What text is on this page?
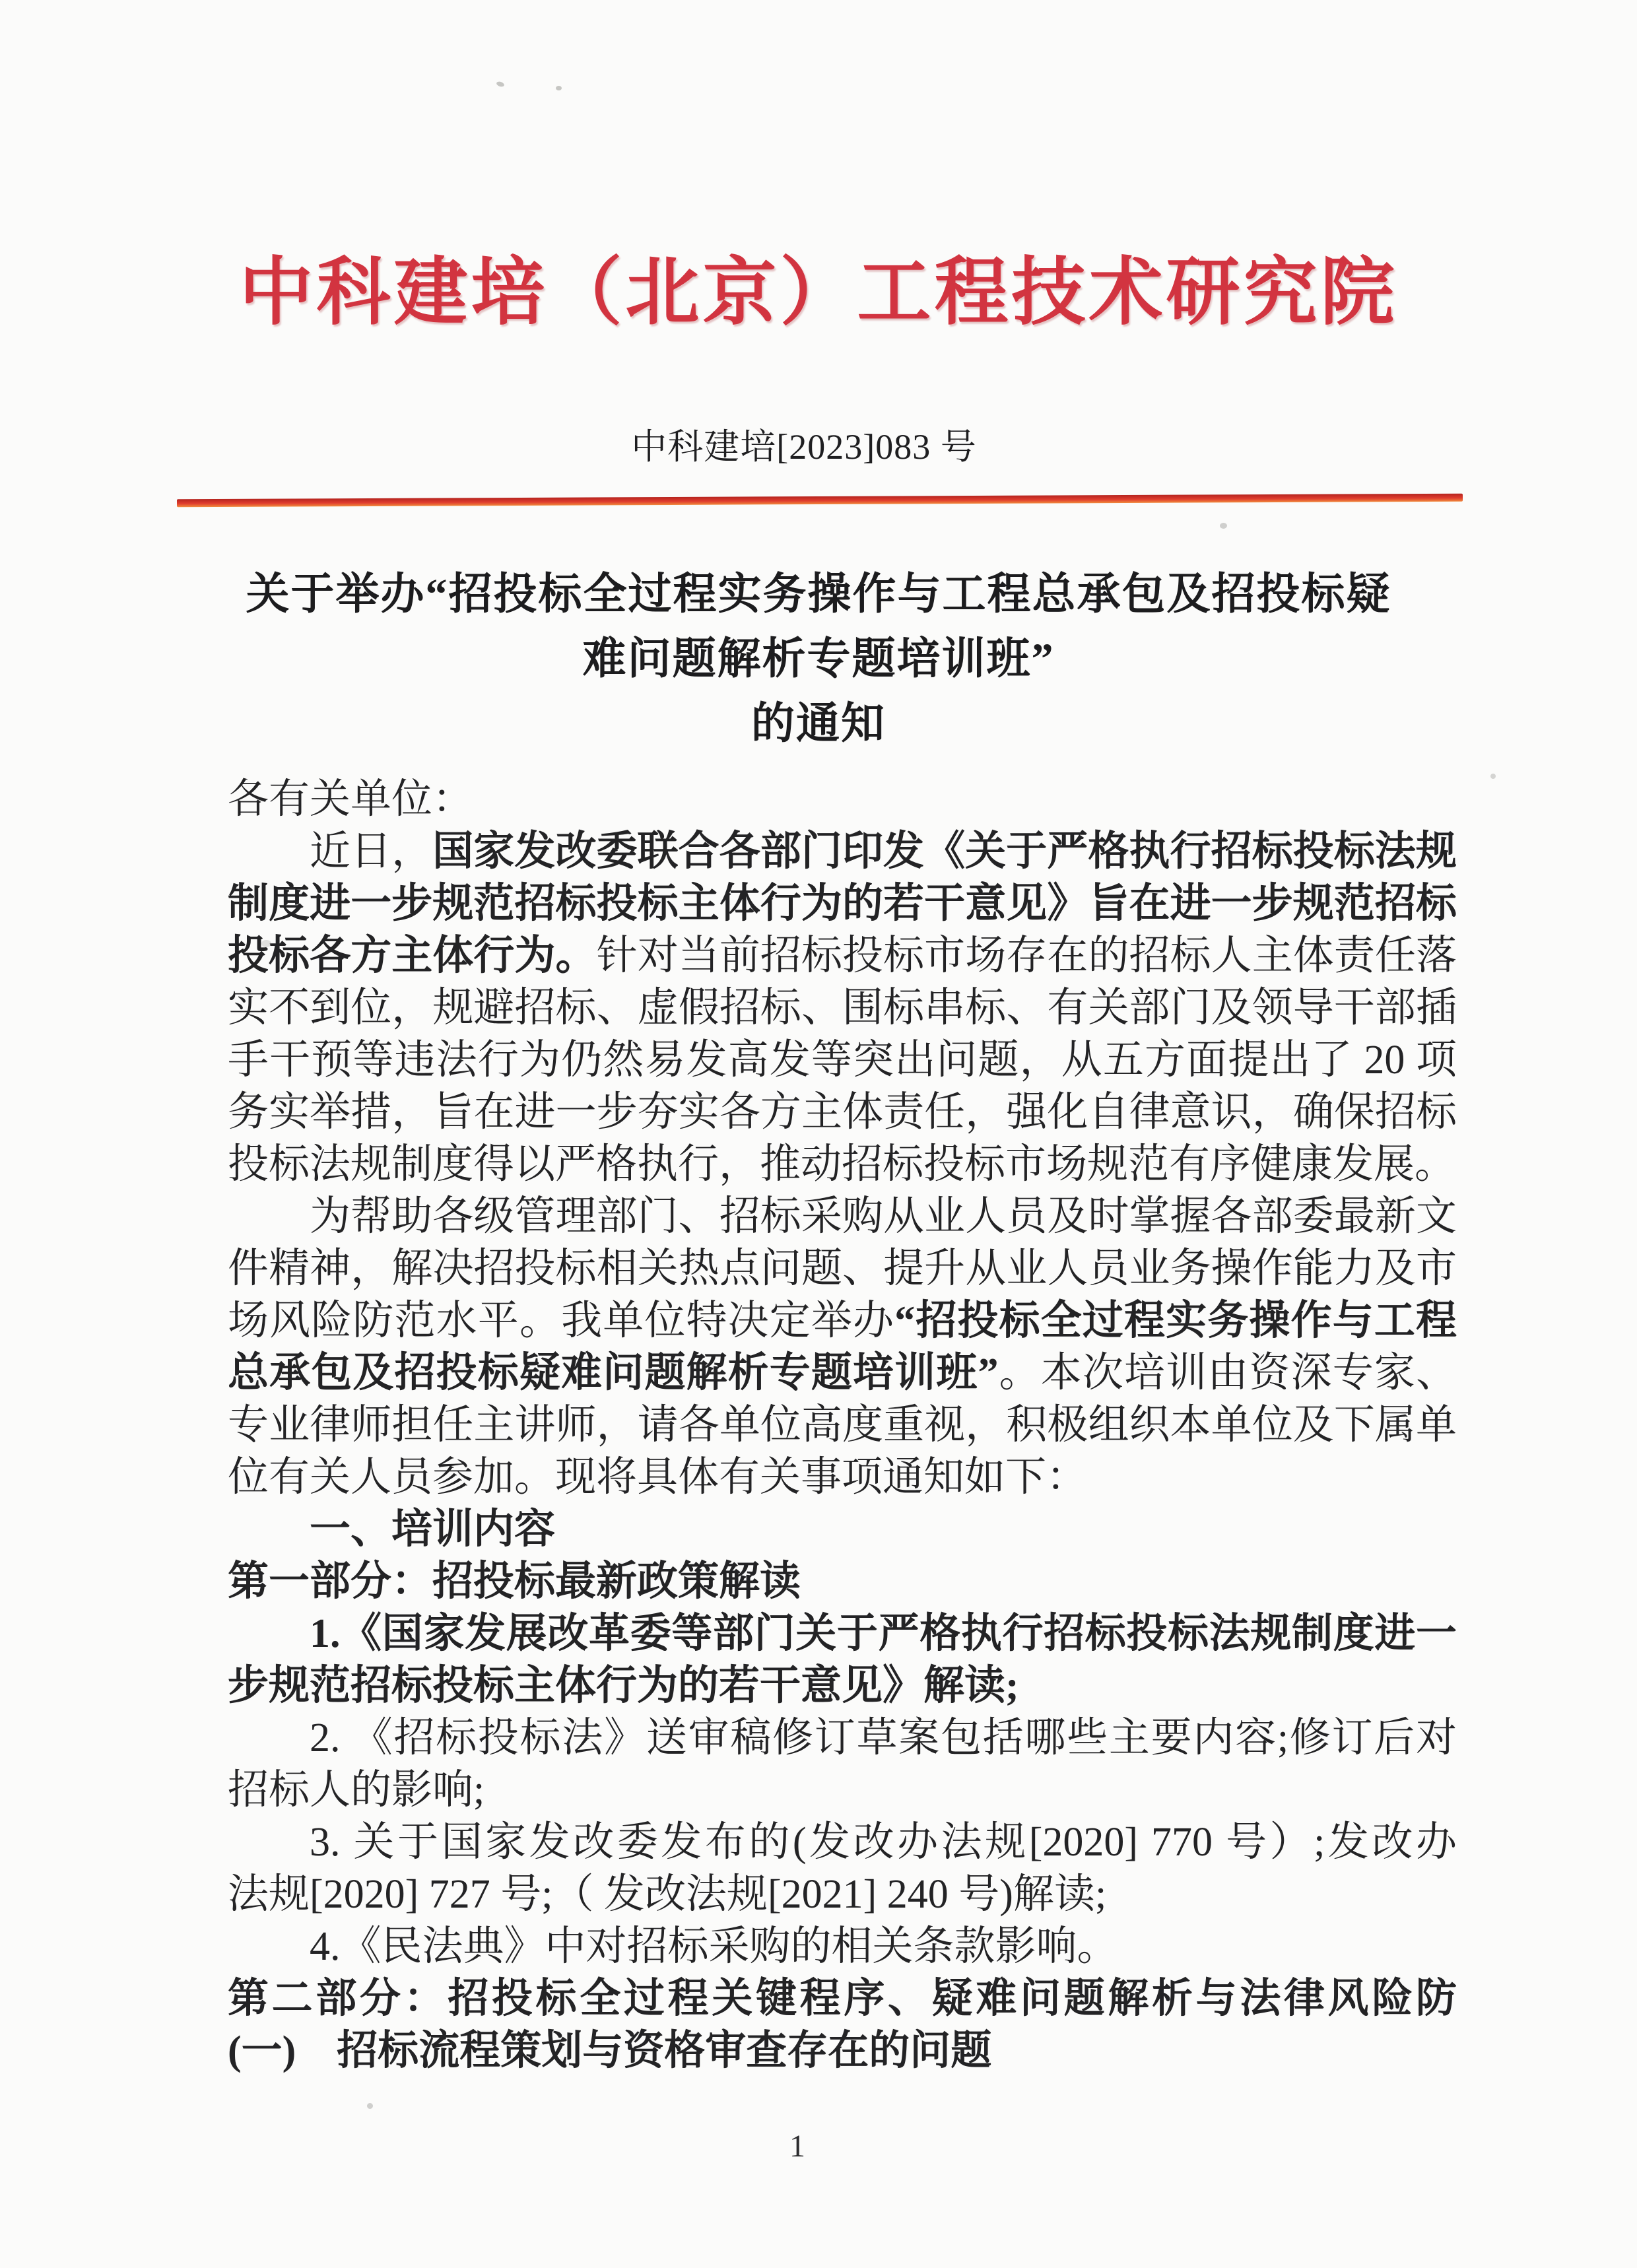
中科建培（北京）工程技术研究院
中科建培[2023]083 号
关于举办“招投标全过程实务操作与工程总承包及招投标疑
难问题解析专题培训班”
的通知
各有关单位：
近日，国家发改委联合各部门印发《关于严格执行招标投标法规
制度进一步规范招标投标主体行为的若干意见》旨在进一步规范招标
投标各方主体行为。针对当前招标投标市场存在的招标人主体责任落
实不到位，规避招标、虚假招标、围标串标、有关部门及领导干部插
手干预等违法行为仍然易发高发等突出问题，从五方面提出了 20 项
务实举措，旨在进一步夯实各方主体责任，强化自律意识，确保招标
投标法规制度得以严格执行，推动招标投标市场规范有序健康发展。
为帮助各级管理部门、招标采购从业人员及时掌握各部委最新文
件精神，解决招投标相关热点问题、提升从业人员业务操作能力及市
场风险防范水平。我单位特决定举办“招投标全过程实务操作与工程
总承包及招投标疑难问题解析专题培训班”。本次培训由资深专家、
专业律师担任主讲师，请各单位高度重视，积极组织本单位及下属单
位有关人员参加。现将具体有关事项通知如下：
一、培训内容
第一部分：招投标最新政策解读
1.《国家发展改革委等部门关于严格执行招标投标法规制度进一
步规范招标投标主体行为的若干意见》解读;
2. 《招标投标法》送审稿修订草案包括哪些主要内容;修订后对
招标人的影响;
3. 关于国家发改委发布的(发改办法规[2020] 770 号）;发改办
法规[2020] 727 号;（ 发改法规[2021] 240 号)解读;
4.《民法典》中对招标采购的相关条款影响。
第二部分：招投标全过程关键程序、疑难问题解析与法律风险防
(一)　招标流程策划与资格审查存在的问题
1
